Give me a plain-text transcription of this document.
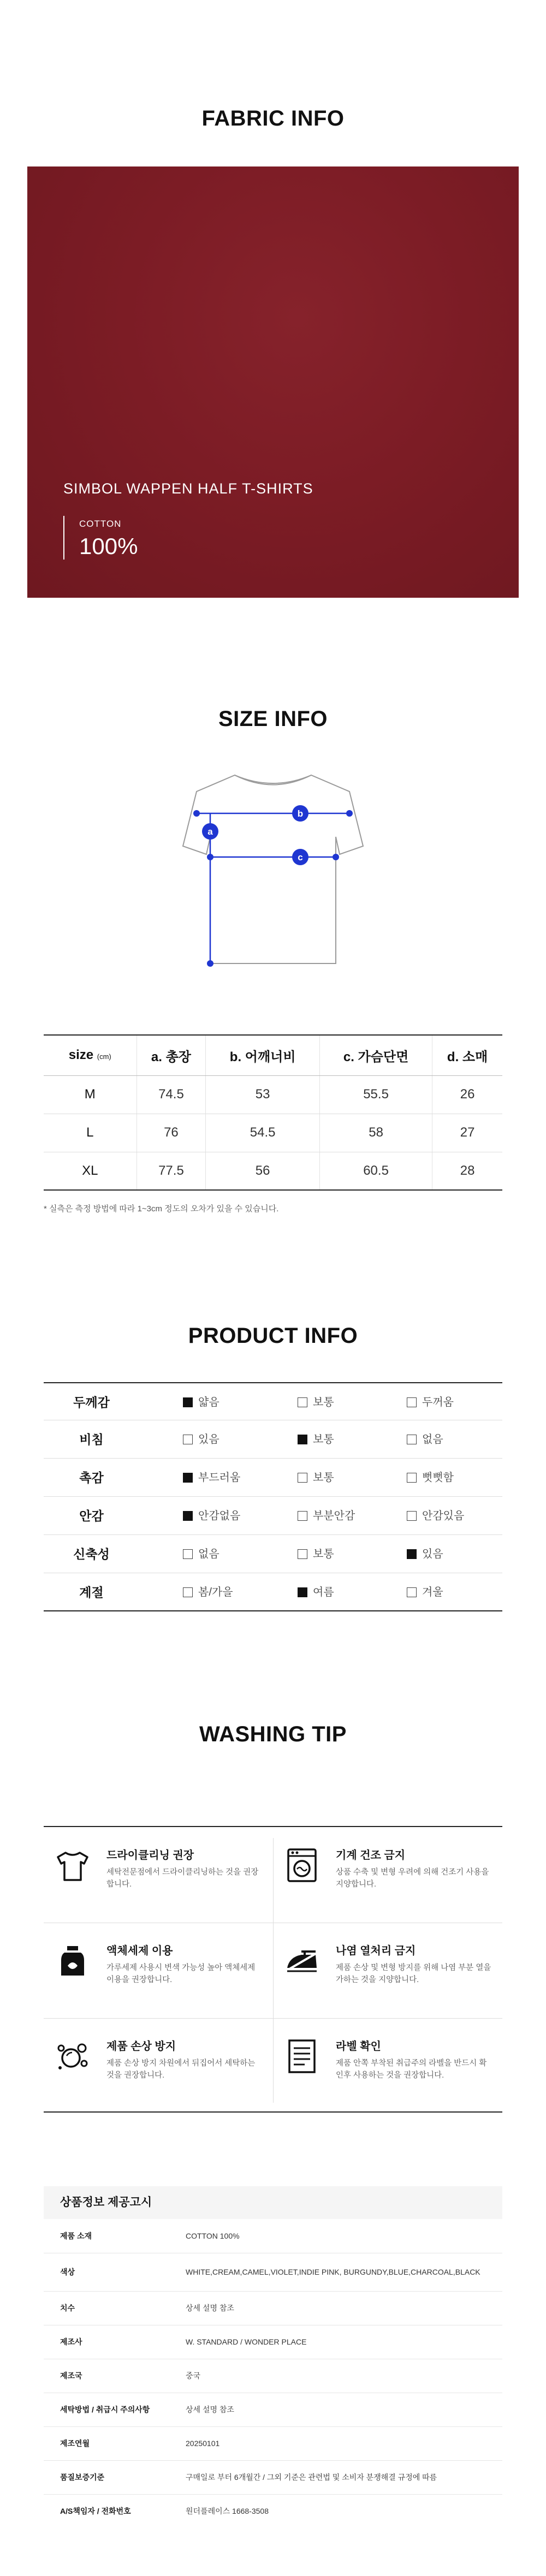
FABRIC INFO
SIMBOL WAPPEN HALF T-SHIRTS
COTTON
100%
SIZE INFO
a
b
c
size (cm)	a. 총장	b. 어깨너비	c. 가슴단면	d. 소매
M	74.5	53	55.5	26
L	76	54.5	58	27
XL	77.5	56	60.5	28
* 실측은 측정 방법에 따라 1~3cm 정도의 오차가 있을 수 있습니다.
PRODUCT INFO
두께감	얇음	보통	두꺼움
비침	있음	보통	없음
촉감	부드러움	보통	뻣뻣함
안감	안감없음	부분안감	안감있음
신축성	없음	보통	있음
계절	봄/가을	여름	겨울
WASHING TIP
드라이클리닝 권장
세탁전문점에서 드라이클리닝하는 것을 권장합니다.
기계 건조 금지
상품 수축 및 변형 우려에 의해 건조기 사용을 지양합니다.
액체세제 이용
가루세제 사용시 변색 가능성 높아 액체세제 이용을 권장합니다.
나염 열처리 금지
제품 손상 및 변형 방지를 위해 나염 부분 열을 가하는 것을 지양합니다.
제품 손상 방지
제품 손상 방지 차원에서 뒤집어서 세탁하는 것을 권장합니다.
라벨 확인
제품 안쪽 부착된 취급주의 라벨을 반드시 확인후 사용하는 것을 권장합니다.
상품정보 제공고시
제품 소재	COTTON 100%
색상	WHITE,CREAM,CAMEL,VIOLET,INDIE PINK, BURGUNDY,BLUE,CHARCOAL,BLACK
치수	상세 설명 참조
제조사	W. STANDARD / WONDER PLACE
제조국	중국
세탁방법 / 취급시 주의사항	상세 설명 참조
제조연월	20250101
품질보증기준	구매일로 부터 6개월간 / 그외 기준은 관련법 및 소비자 분쟁해결 규정에 따름
A/S책임자 / 전화번호	원더플레이스 1668-3508
